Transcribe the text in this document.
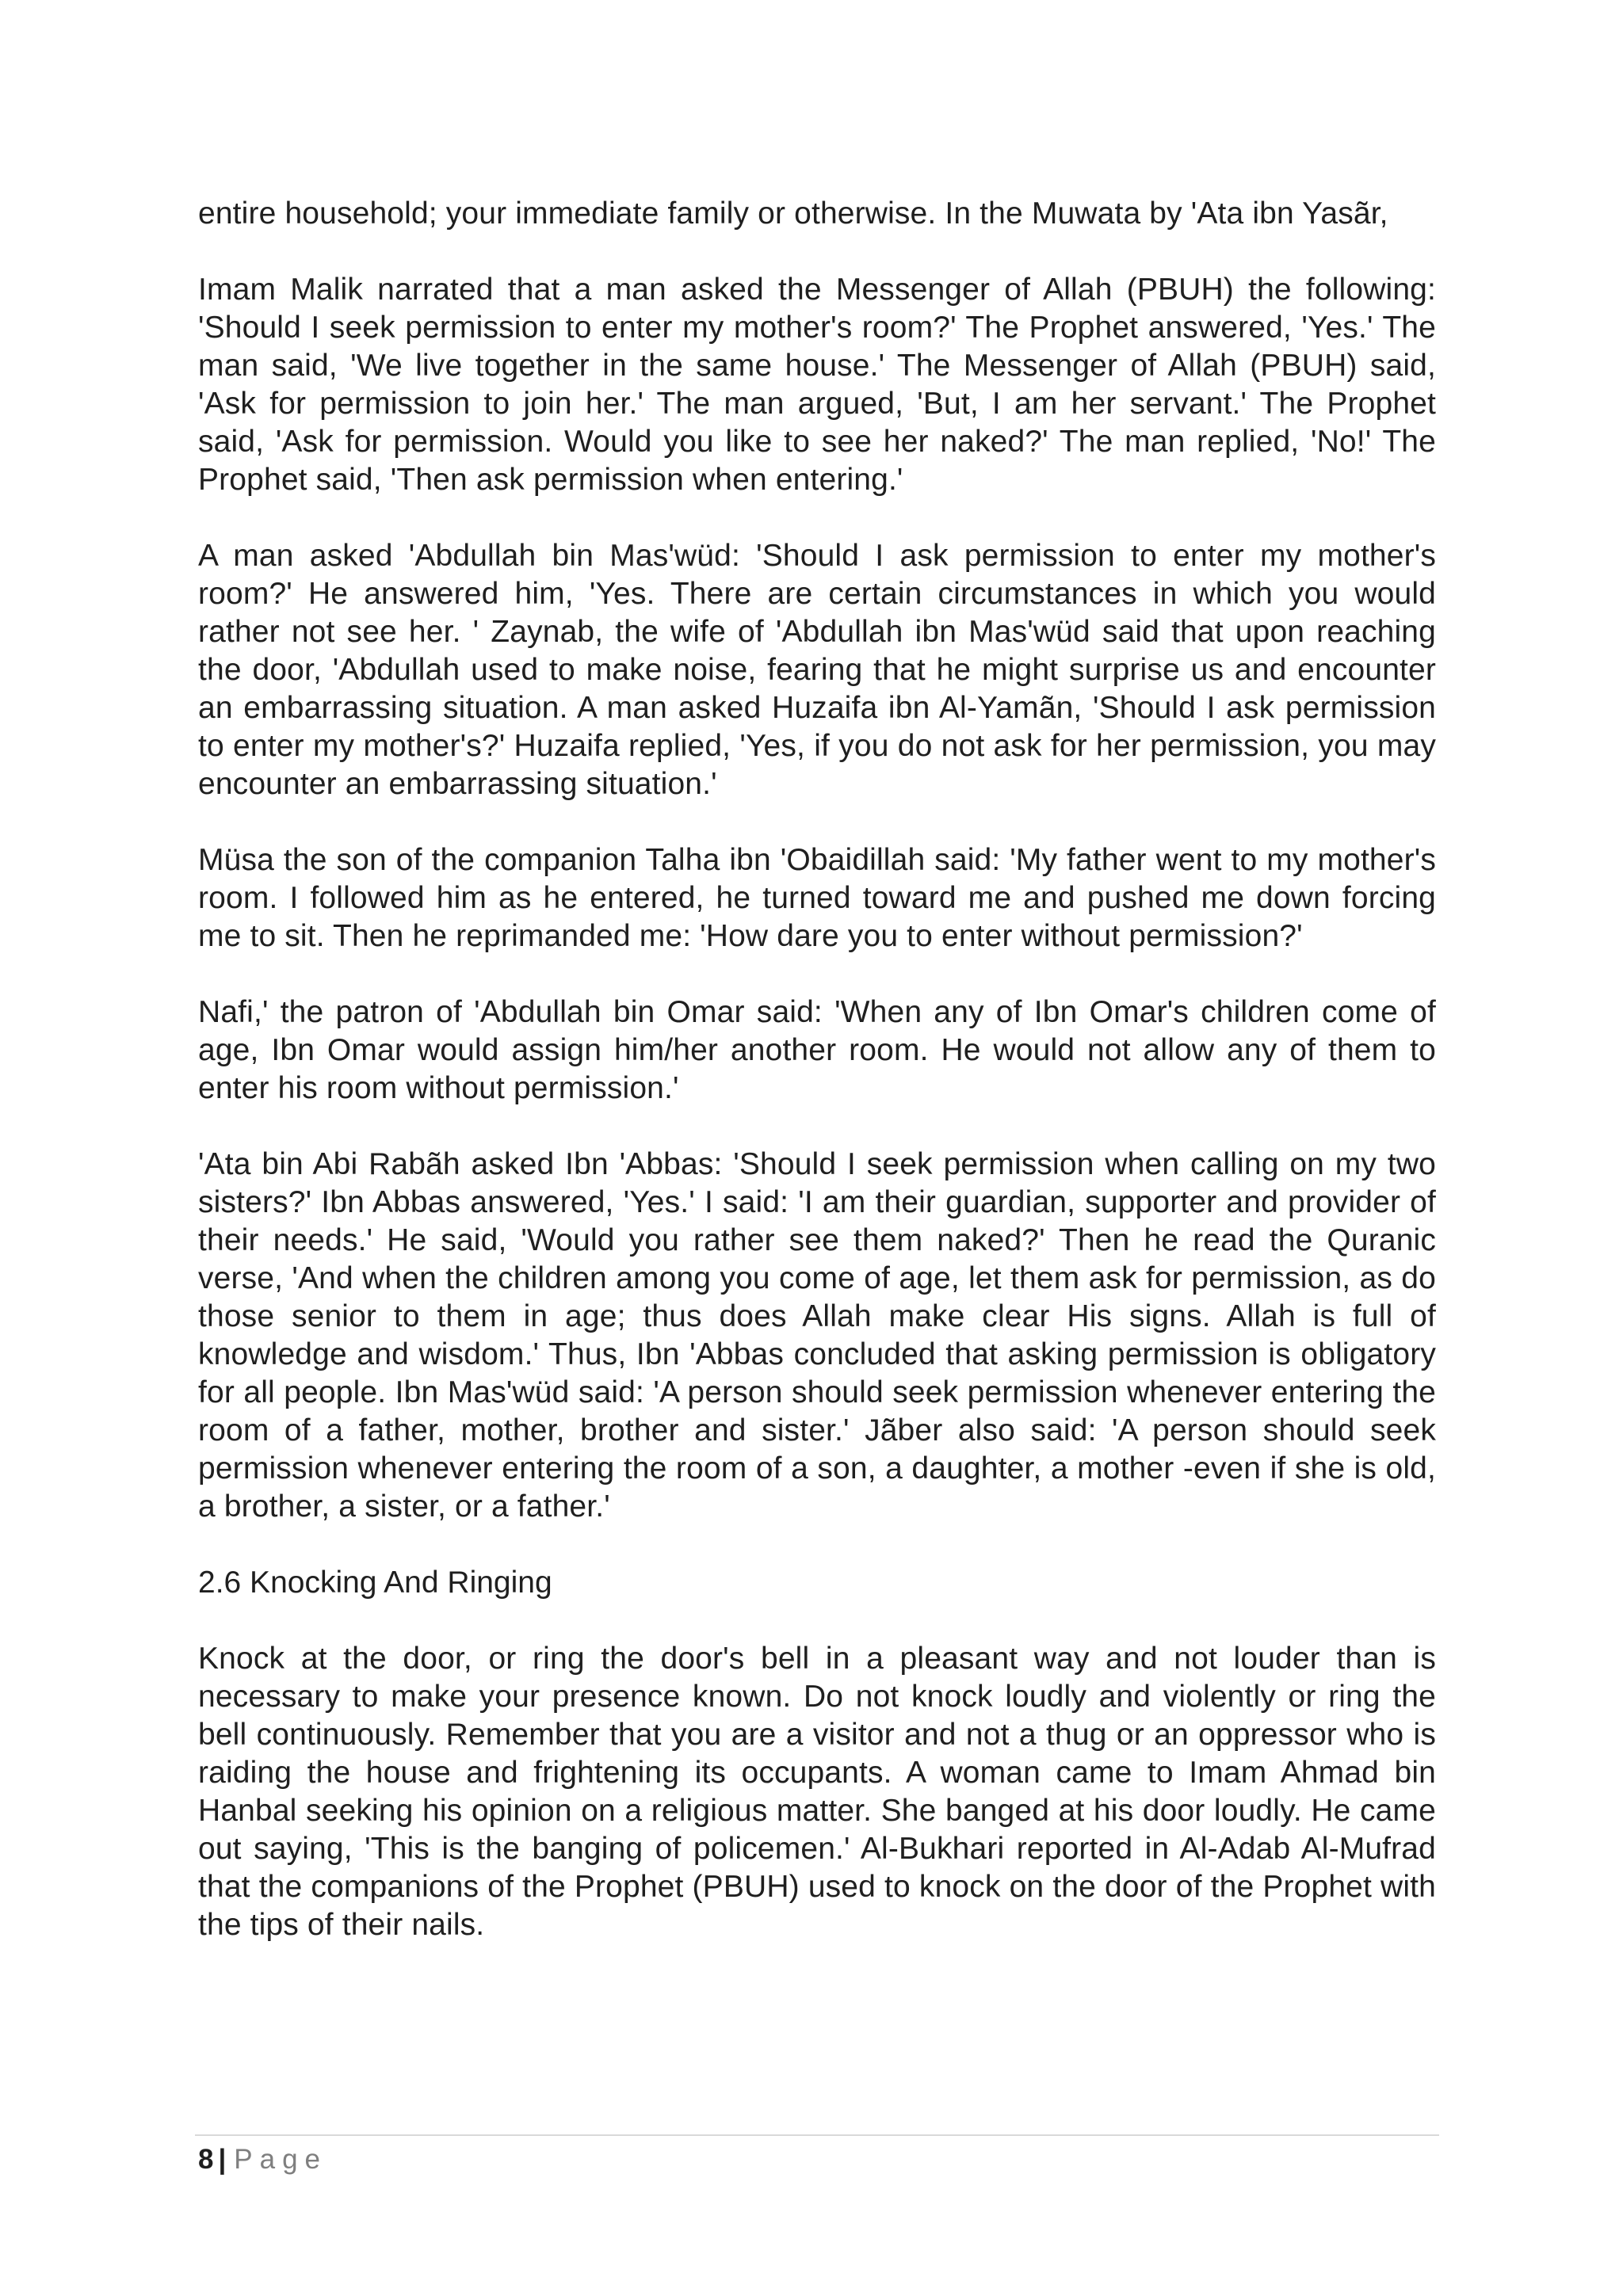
entire household; your immediate family or otherwise. In the Muwata by 'Ata ibn Yasãr,

Imam Malik narrated that a man asked the Messenger of Allah (PBUH) the following: 'Should I seek permission to enter my mother's room?' The Prophet answered, 'Yes.' The man said, 'We live together in the same house.' The Messenger of Allah (PBUH) said, 'Ask for permission to join her.' The man argued, 'But, I am her servant.' The Prophet said, 'Ask for permission. Would you like to see her naked?' The man replied, 'No!' The Prophet said, 'Then ask permission when entering.'

A man asked 'Abdullah bin Mas'wüd: 'Should I ask permission to enter my mother's room?' He answered him, 'Yes. There are certain circumstances in which you would rather not see her. ' Zaynab, the wife of 'Abdullah ibn Mas'wüd said that upon reaching the door, 'Abdullah used to make noise, fearing that he might surprise us and encounter an embarrassing situation. A man asked Huzaifa ibn Al-Yamãn, 'Should I ask permission to enter my mother's?' Huzaifa replied, 'Yes, if you do not ask for her permission, you may encounter an embarrassing situation.'

Müsa the son of the companion Talha ibn 'Obaidillah said: 'My father went to my mother's room. I followed him as he entered, he turned toward me and pushed me down forcing me to sit. Then he reprimanded me: 'How dare you to enter without permission?'

Nafi,' the patron of 'Abdullah bin Omar said: 'When any of Ibn Omar's children come of age, Ibn Omar would assign him/her another room. He would not allow any of them to enter his room without permission.'

'Ata bin Abi Rabãh asked Ibn 'Abbas: 'Should I seek permission when calling on my two sisters?' Ibn Abbas answered, 'Yes.' I said: 'I am their guardian, supporter and provider of their needs.' He said, 'Would you rather see them naked?' Then he read the Quranic verse, 'And when the children among you come of age, let them ask for permission, as do those senior to them in age; thus does Allah make clear His signs. Allah is full of knowledge and wisdom.' Thus, Ibn 'Abbas concluded that asking permission is obligatory for all people. Ibn Mas'wüd said: 'A person should seek permission whenever entering the room of a father, mother, brother and sister.' Jãber also said: 'A person should seek permission whenever entering the room of a son, a daughter, a mother -even if she is old, a brother, a sister, or a father.'

2.6 Knocking And Ringing

Knock at the door, or ring the door's bell in a pleasant way and not louder than is necessary to make your presence known. Do not knock loudly and violently or ring the bell continuously. Remember that you are a visitor and not a thug or an oppressor who is raiding the house and frightening its occupants. A woman came to Imam Ahmad bin Hanbal seeking his opinion on a religious matter. She banged at his door loudly. He came out saying, 'This is the banging of policemen.' Al-Bukhari reported in Al-Adab Al-Mufrad that the companions of the Prophet (PBUH) used to knock on the door of the Prophet with the tips of their nails.

8 | Page
